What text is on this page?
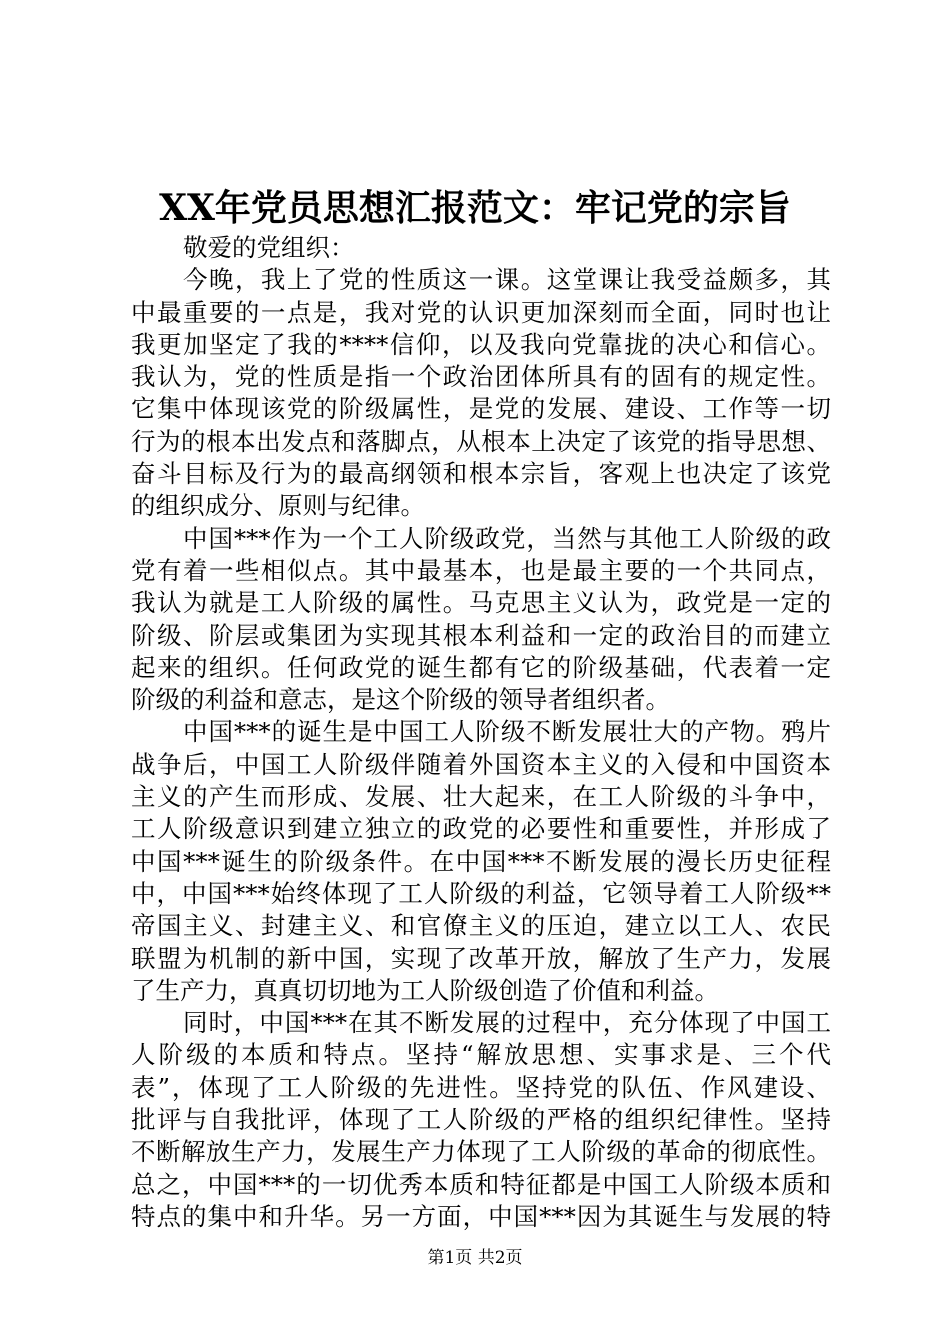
XX年党员思想汇报范文：牢记党的宗旨
敬爱的党组织：
今晚，我上了党的性质这一课。这堂课让我受益颇多，其
中最重要的一点是，我对党的认识更加深刻而全面，同时也让
我更加坚定了我的****信仰，以及我向党靠拢的决心和信心。
我认为，党的性质是指一个政治团体所具有的固有的规定性。
它集中体现该党的阶级属性，是党的发展、建设、工作等一切
行为的根本出发点和落脚点，从根本上决定了该党的指导思想、
奋斗目标及行为的最高纲领和根本宗旨，客观上也决定了该党
的组织成分、原则与纪律。
中国***作为一个工人阶级政党，当然与其他工人阶级的政
党有着一些相似点。其中最基本，也是最主要的一个共同点，
我认为就是工人阶级的属性。马克思主义认为，政党是一定的
阶级、阶层或集团为实现其根本利益和一定的政治目的而建立
起来的组织。任何政党的诞生都有它的阶级基础，代表着一定
阶级的利益和意志，是这个阶级的领导者组织者。
中国***的诞生是中国工人阶级不断发展壮大的产物。鸦片
战争后，中国工人阶级伴随着外国资本主义的入侵和中国资本
主义的产生而形成、发展、壮大起来，在工人阶级的斗争中，
工人阶级意识到建立独立的政党的必要性和重要性，并形成了
中国***诞生的阶级条件。在中国***不断发展的漫长历史征程
中，中国***始终体现了工人阶级的利益，它领导着工人阶级**
帝国主义、封建主义、和官僚主义的压迫，建立以工人、农民
联盟为机制的新中国，实现了改革开放，解放了生产力，发展
了生产力，真真切切地为工人阶级创造了价值和利益。
同时，中国***在其不断发展的过程中，充分体现了中国工
人阶级的本质和特点。坚持“解放思想、实事求是、三个代
表”，体现了工人阶级的先进性。坚持党的队伍、作风建设、
批评与自我批评，体现了工人阶级的严格的组织纪律性。坚持
不断解放生产力，发展生产力体现了工人阶级的革命的彻底性。
总之，中国***的一切优秀本质和特征都是中国工人阶级本质和
特点的集中和升华。另一方面，中国***因为其诞生与发展的特
第1页 共2页
